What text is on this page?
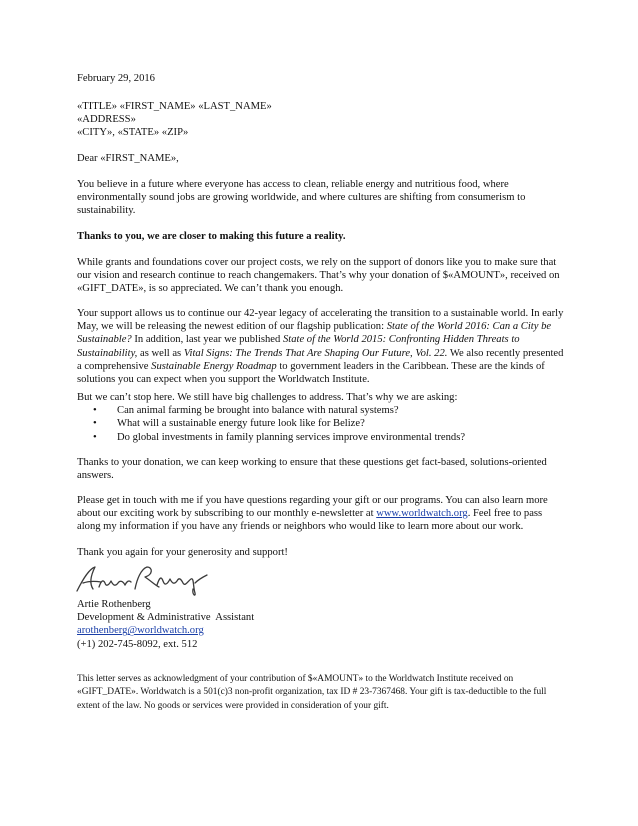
February 29, 2016

«TITLE» «FIRST_NAME» «LAST_NAME»

«ADDRESS»

«CITY», «STATE» «ZIP»

Dear «FIRST_NAME»,

You believe in a future where everyone has access to clean, reliable energy and nutritious food, where environmentally sound jobs are growing worldwide, and where cultures are shifting from consumerism to sustainability.

Thanks to you, we are closer to making this future a reality.

While grants and foundations cover our project costs, we rely on the support of donors like you to make sure that our vision and research continue to reach changemakers. That’s why your donation of $«AMOUNT», received on «GIFT_DATE», is so appreciated. We can’t thank you enough.

Your support allows us to continue our 42-year legacy of accelerating the transition to a sustainable world. In early May, we will be releasing the newest edition of our flagship publication: State of the World 2016: Can a City be Sustainable? In addition, last year we published State of the World 2015: Confronting Hidden Threats to Sustainability, as well as Vital Signs: The Trends That Are Shaping Our Future, Vol. 22. We also recently presented a comprehensive Sustainable Energy Roadmap to government leaders in the Caribbean. These are the kinds of solutions you can expect when you support the Worldwatch Institute.

But we can’t stop here. We still have big challenges to address. That’s why we are asking:

• Can animal farming be brought into balance with natural systems?
• What will a sustainable energy future look like for Belize?
• Do global investments in family planning services improve environmental trends?

Thanks to your donation, we can keep working to ensure that these questions get fact-based, solutions-oriented answers.

Please get in touch with me if you have questions regarding your gift or our programs. You can also learn more about our exciting work by subscribing to our monthly e-newsletter at www.worldwatch.org. Feel free to pass along my information if you have any friends or neighbors who would like to learn more about our work.

Thank you again for your generosity and support!

Artie Rothenberg

Development & Administrative  Assistant

arothenberg@worldwatch.org

(+1) 202-745-8092, ext. 512

This letter serves as acknowledgment of your contribution of $«AMOUNT» to the Worldwatch Institute received on «GIFT_DATE». Worldwatch is a 501(c)3 non-profit organization, tax ID # 23-7367468. Your gift is tax-deductible to the full extent of the law. No goods or services were provided in consideration of your gift.
